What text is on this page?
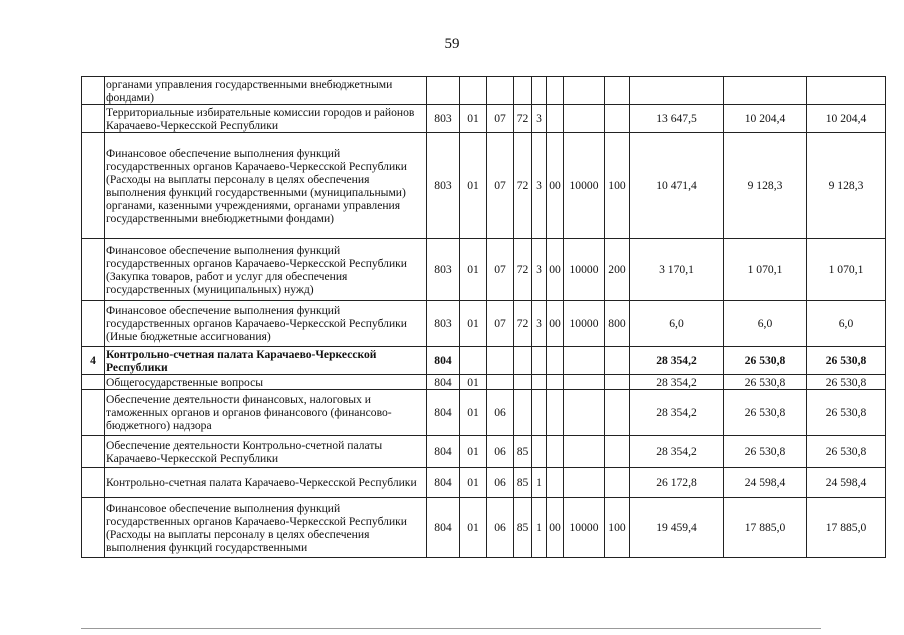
59
	органами управления государственными внебюджетными фондами)											
	Территориальные избирательные комиссии городов и районов Карачаево-Черкесской Республики	803	01	07	72	3				13 647,5	10 204,4	10 204,4
	Финансовое обеспечение выполнения функций государственных органов Карачаево-Черкесской Республики (Расходы на выплаты персоналу в целях обеспечения выполнения функций государственными (муниципальными) органами, казенными учреждениями, органами управления государственными внебюджетными фондами)	803	01	07	72	3	00	10000	100	10 471,4	9 128,3	9 128,3
	Финансовое обеспечение выполнения функций государственных органов Карачаево-Черкесской Республики (Закупка товаров, работ и услуг для обеспечения государственных (муниципальных) нужд)	803	01	07	72	3	00	10000	200	3 170,1	1 070,1	1 070,1
	Финансовое обеспечение выполнения функций государственных органов Карачаево-Черкесской Республики (Иные бюджетные ассигнования)	803	01	07	72	3	00	10000	800	6,0	6,0	6,0
4	Контрольно-счетная палата Карачаево-Черкесской Республики	804								28 354,2	26 530,8	26 530,8
	Общегосударственные вопросы	804	01							28 354,2	26 530,8	26 530,8
	Обеспечение деятельности финансовых, налоговых и таможенных органов и органов финансового (финансово-бюджетного) надзора	804	01	06						28 354,2	26 530,8	26 530,8
	Обеспечение деятельности Контрольно-счетной палаты Карачаево-Черкесской Республики	804	01	06	85					28 354,2	26 530,8	26 530,8
	Контрольно-счетная палата Карачаево-Черкесской Республики	804	01	06	85	1				26 172,8	24 598,4	24 598,4
	Финансовое обеспечение выполнения функций государственных органов Карачаево-Черкесской Республики (Расходы на выплаты персоналу в целях обеспечения выполнения функций государственными	804	01	06	85	1	00	10000	100	19 459,4	17 885,0	17 885,0
